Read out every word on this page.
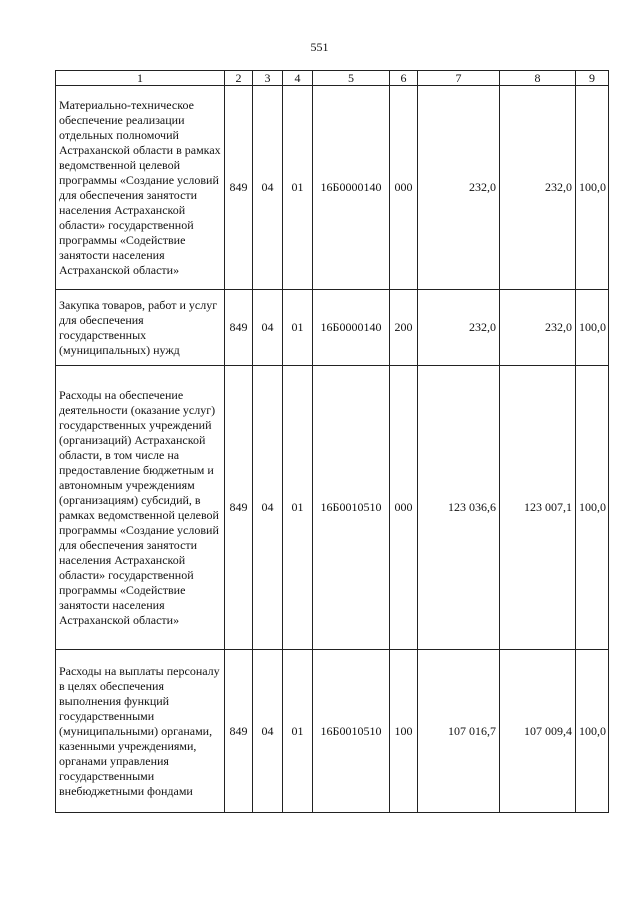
551
1	2	3	4	5	6	7	8	9
Материально-техническое обеспечение реализации отдельных полномочий Астраханской области в рамках ведомственной целевой программы «Создание условий для обеспечения занятости населения Астраханской области» государственной программы «Содействие занятости населения Астраханской области»	849	04	01	16Б0000140	000	232,0	232,0	100,0
Закупка товаров, работ и услуг для обеспечения государственных (муниципальных) нужд	849	04	01	16Б0000140	200	232,0	232,0	100,0
Расходы на обеспечение деятельности (оказание услуг) государственных учреждений (организаций) Астраханской области, в том числе на предоставление бюджетным и автономным учреждениям (организациям) субсидий, в рамках ведомственной целевой программы «Создание условий для обеспечения занятости населения Астраханской области» государственной программы «Содействие занятости населения Астраханской области»	849	04	01	16Б0010510	000	123 036,6	123 007,1	100,0
Расходы на выплаты персоналу в целях обеспечения выполнения функций государственными (муниципальными) органами, казенными учреждениями, органами управления государственными внебюджетными фондами	849	04	01	16Б0010510	100	107 016,7	107 009,4	100,0
